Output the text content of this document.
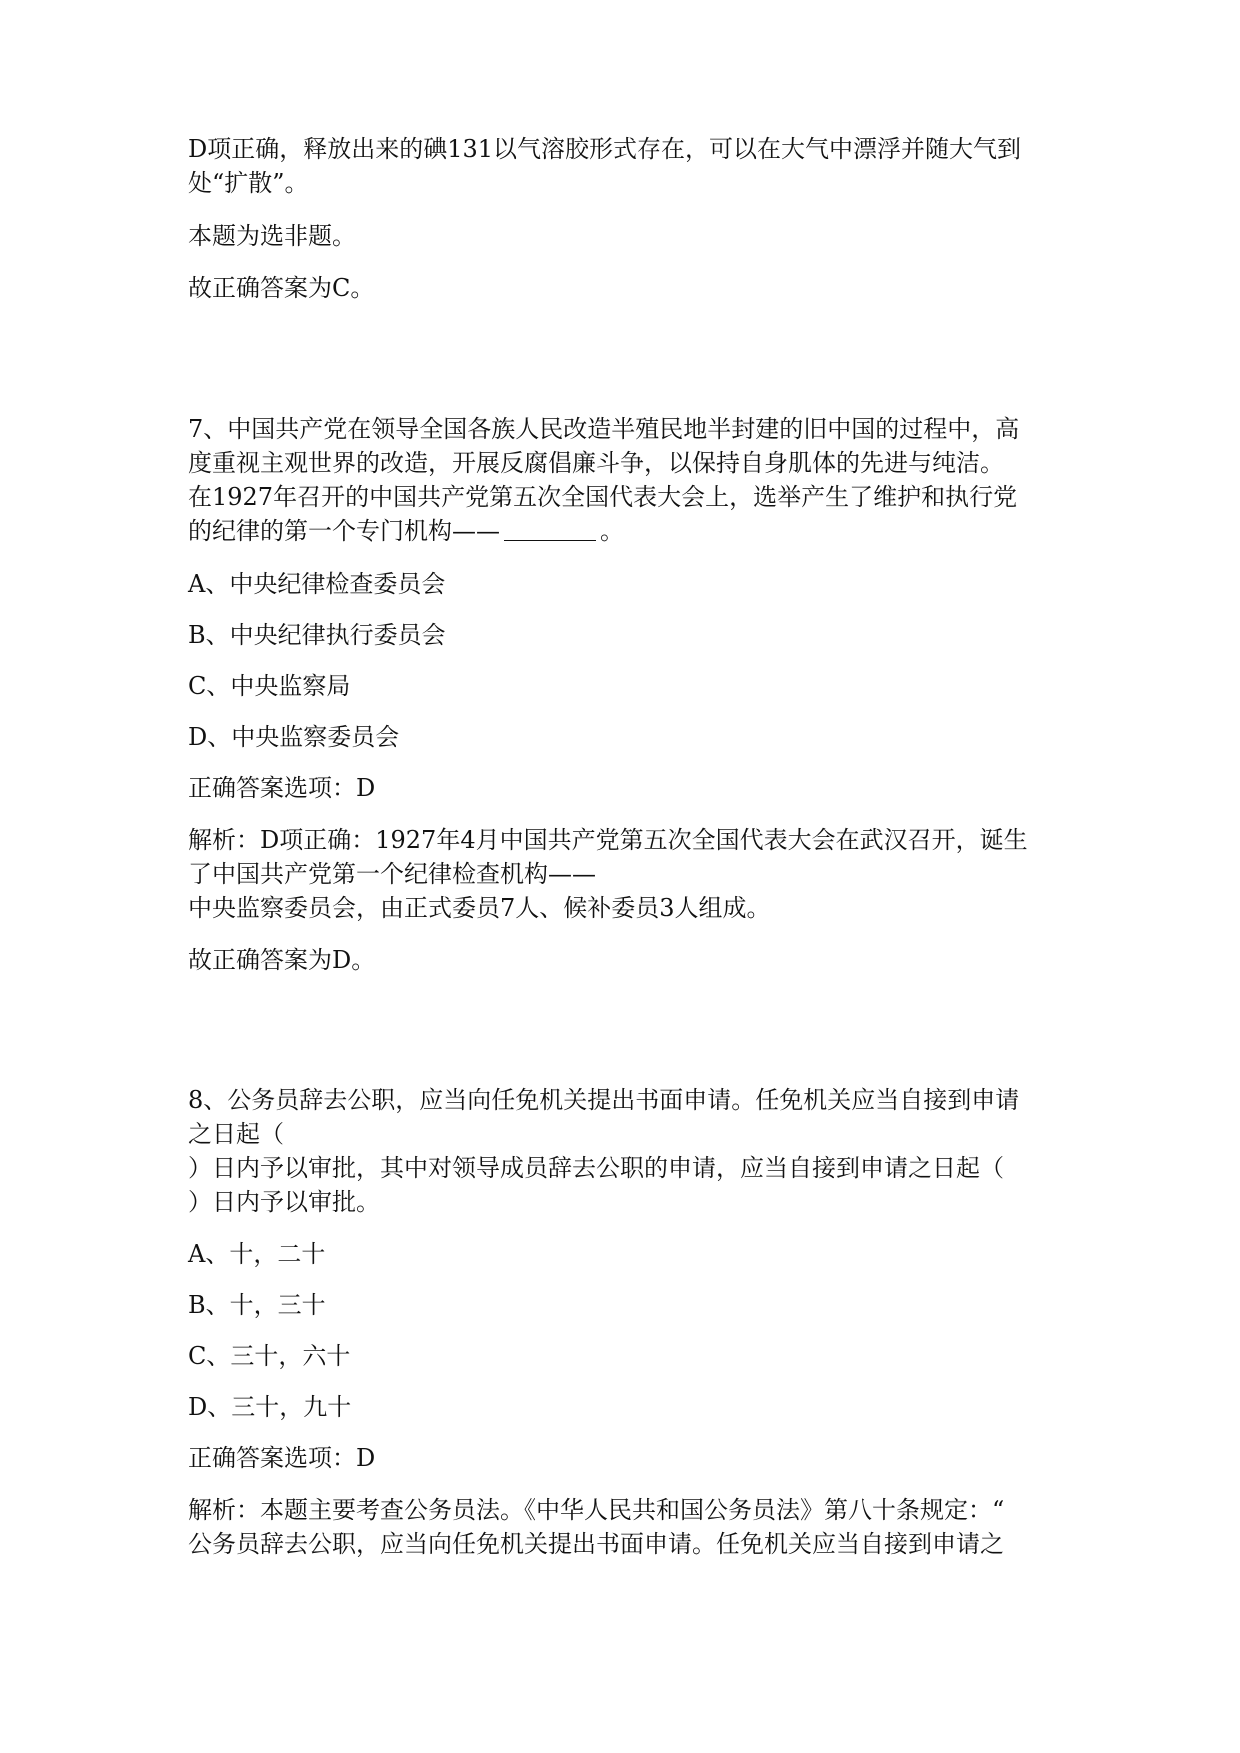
D项正确，释放出来的碘131以气溶胶形式存在，可以在大气中漂浮并随大气到

处“扩散”。

本题为选非题。

故正确答案为C。

7、中国共产党在领导全国各族人民改造半殖民地半封建的旧中国的过程中，高

度重视主观世界的改造，开展反腐倡廉斗争，以保持自身肌体的先进与纯洁。

在1927年召开的中国共产党第五次全国代表大会上，选举产生了维护和执行党

的纪律的第一个专门机构——	。

A、中央纪律检查委员会

B、中央纪律执行委员会

C、中央监察局

D、中央监察委员会

正确答案选项：D

解析：D项正确：1927年4月中国共产党第五次全国代表大会在武汉召开，诞生

了中国共产党第一个纪律检查机构——

中央监察委员会，由正式委员7人、候补委员3人组成。

故正确答案为D。

8、公务员辞去公职，应当向任免机关提出书面申请。任免机关应当自接到申请

之日起（

）日内予以审批，其中对领导成员辞去公职的申请，应当自接到申请之日起（

）日内予以审批。

A、十，二十

B、十，三十

C、三十，六十

D、三十，九十

正确答案选项：D

解析：本题主要考查公务员法。《中华人民共和国公务员法》第八十条规定：“

公务员辞去公职，应当向任免机关提出书面申请。任免机关应当自接到申请之
